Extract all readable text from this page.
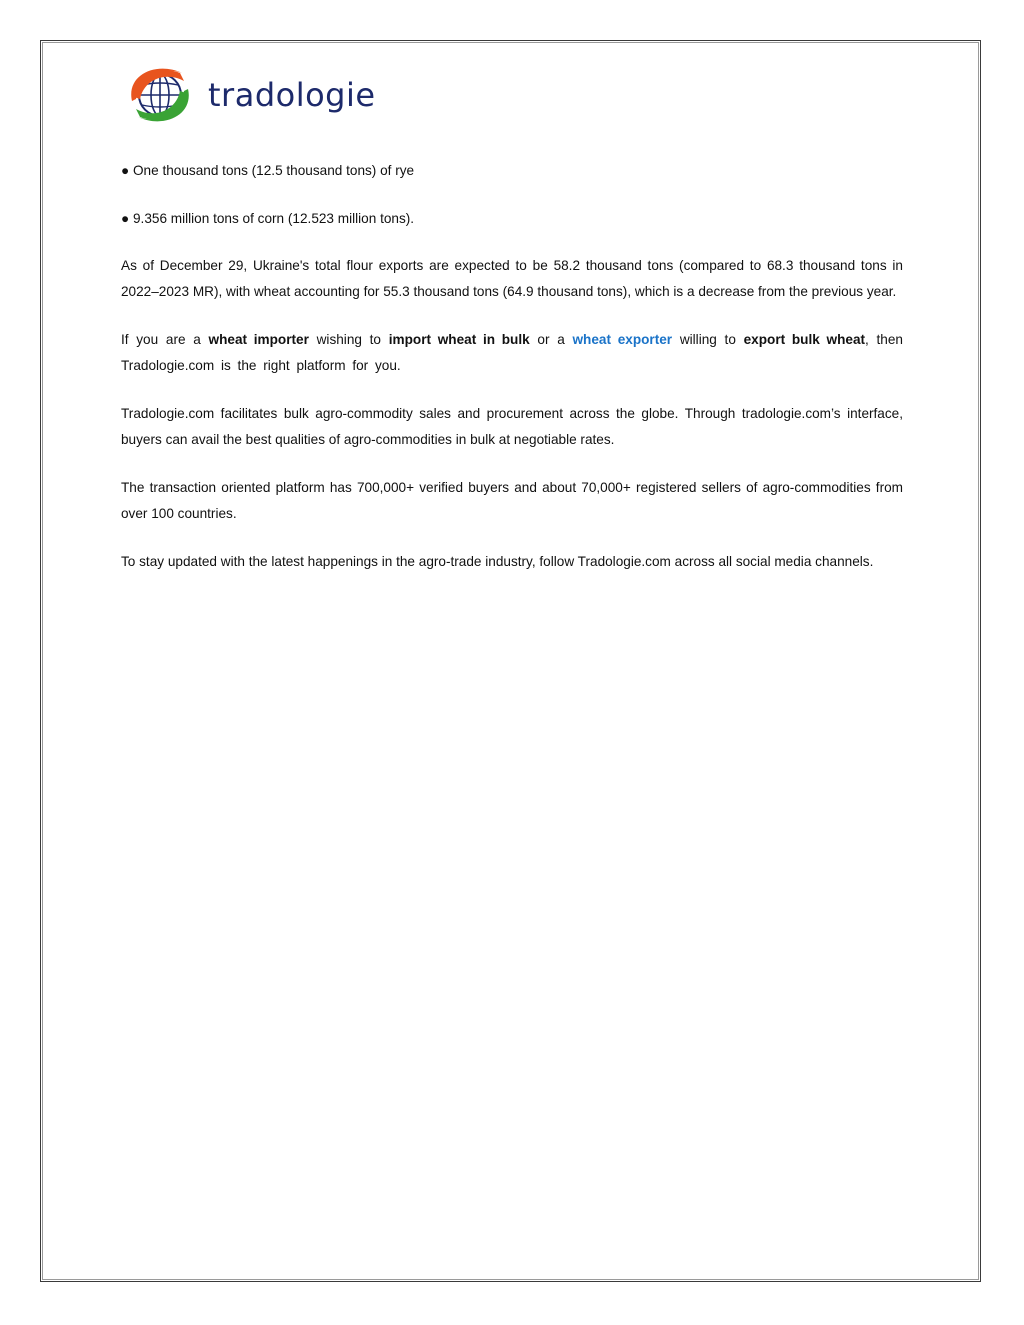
tradologie

● One thousand tons (12.5 thousand tons) of rye

● 9.356 million tons of corn (12.523 million tons).

As of December 29, Ukraine's total flour exports are expected to be 58.2 thousand tons (compared to 68.3 thousand tons in 2022–2023 MR), with wheat accounting for 55.3 thousand tons (64.9 thousand tons), which is a decrease from the previous year.

If you are a wheat importer wishing to import wheat in bulk or a wheat exporter willing to export bulk wheat, then Tradologie.com is the right platform for you.

Tradologie.com facilitates bulk agro-commodity sales and procurement across the globe. Through tradologie.com’s interface, buyers can avail the best qualities of agro-commodities in bulk at negotiable rates.

The transaction oriented platform has 700,000+ verified buyers and about 70,000+ registered sellers of agro-commodities from over 100 countries.

To stay updated with the latest happenings in the agro-trade industry, follow Tradologie.com across all social media channels.
